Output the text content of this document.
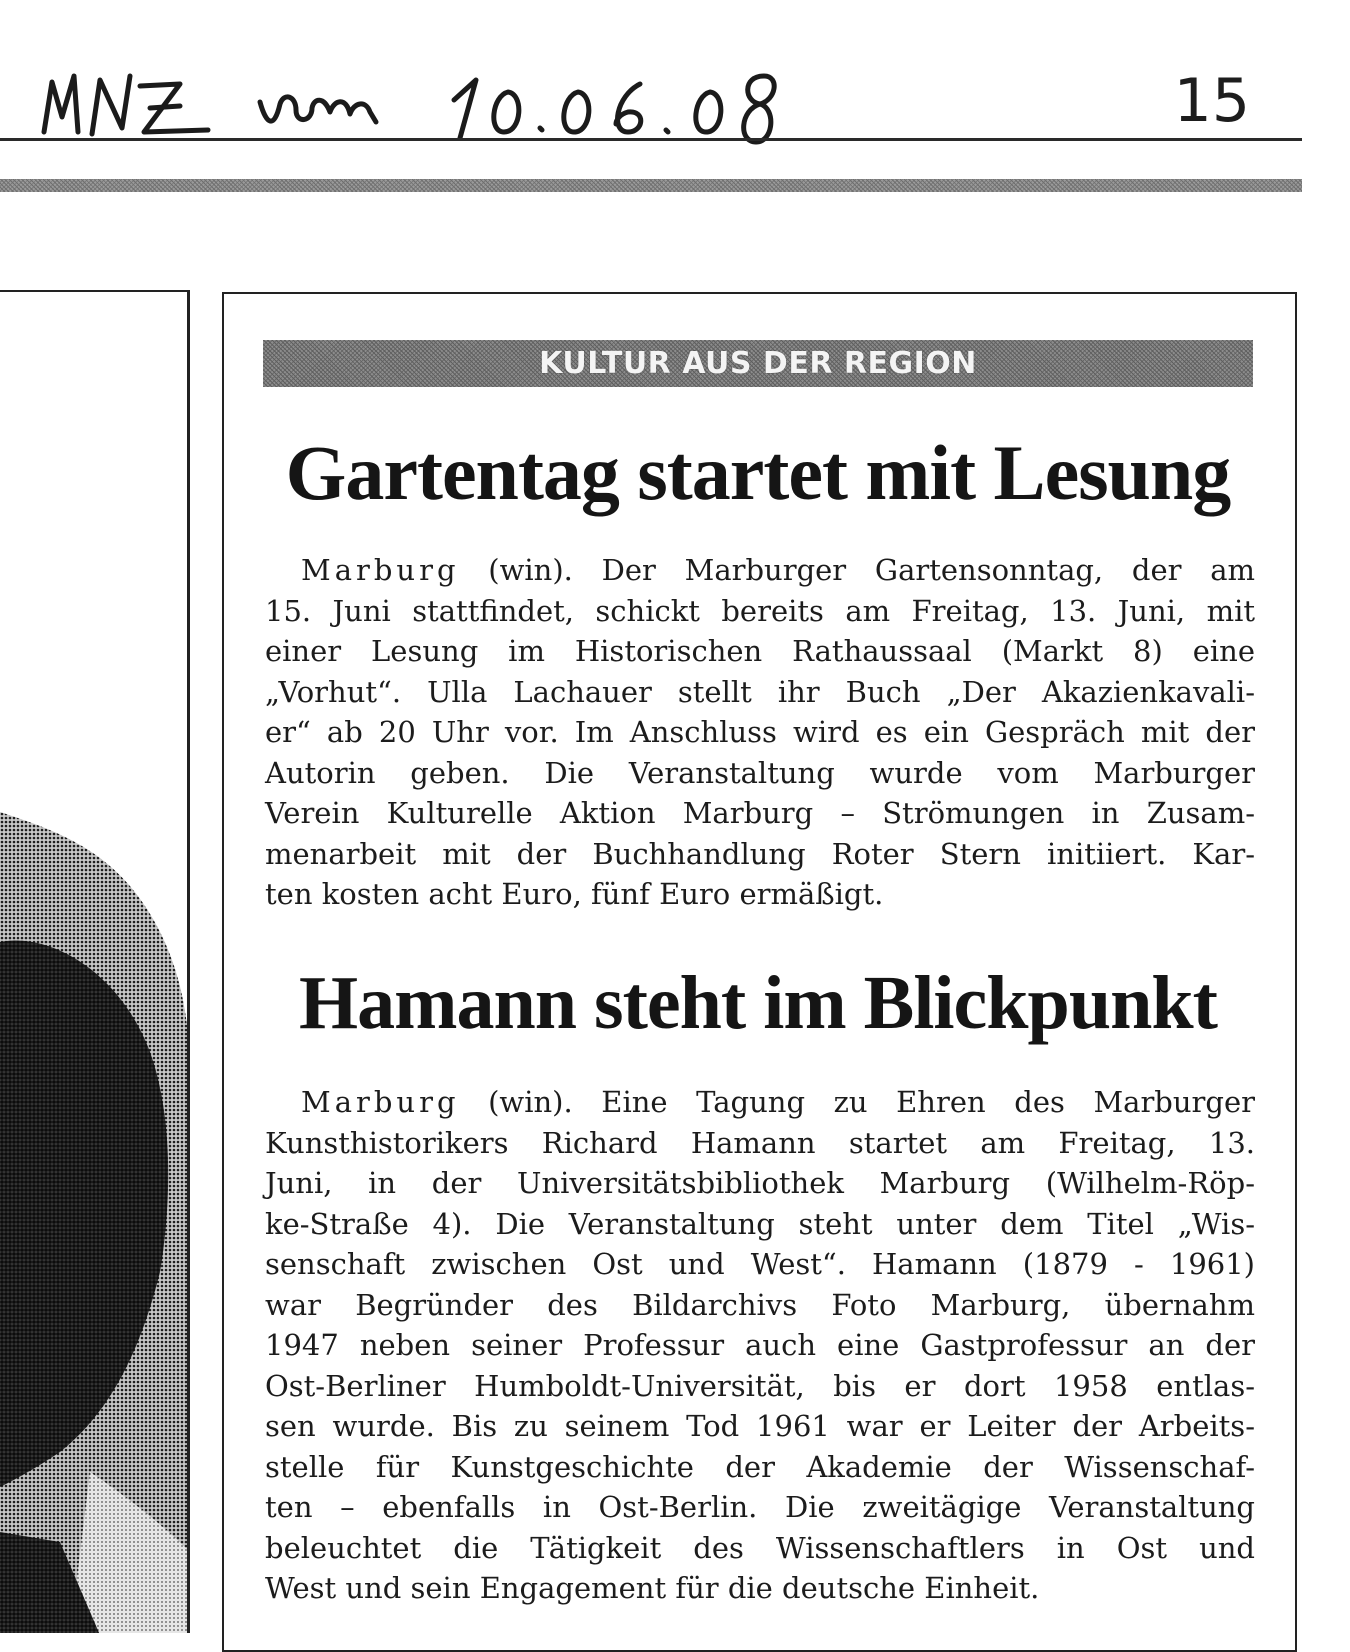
15
KULTUR AUS DER REGION
Gartentag startet mit Lesung
Marburg (win). Der Marburger Gartensonntag, der am
15. Juni stattfindet, schickt bereits am Freitag, 13. Juni, mit
einer Lesung im Historischen Rathaussaal (Markt 8) eine
„Vorhut“. Ulla Lachauer stellt ihr Buch „Der Akazienkavali-
er“ ab 20 Uhr vor. Im Anschluss wird es ein Gespräch mit der
Autorin geben. Die Veranstaltung wurde vom Marburger
Verein Kulturelle Aktion Marburg – Strömungen in Zusam-
menarbeit mit der Buchhandlung Roter Stern initiiert. Kar-
ten kosten acht Euro, fünf Euro ermäßigt.
Hamann steht im Blickpunkt
Marburg (win). Eine Tagung zu Ehren des Marburger
Kunsthistorikers Richard Hamann startet am Freitag, 13.
Juni, in der Universitätsbibliothek Marburg (Wilhelm-Röp-
ke-Straße 4). Die Veranstaltung steht unter dem Titel „Wis-
senschaft zwischen Ost und West“. Hamann (1879 - 1961)
war Begründer des Bildarchivs Foto Marburg, übernahm
1947 neben seiner Professur auch eine Gastprofessur an der
Ost-Berliner Humboldt-Universität, bis er dort 1958 entlas-
sen wurde. Bis zu seinem Tod 1961 war er Leiter der Arbeits-
stelle für Kunstgeschichte der Akademie der Wissenschaf-
ten – ebenfalls in Ost-Berlin. Die zweitägige Veranstaltung
beleuchtet die Tätigkeit des Wissenschaftlers in Ost und
West und sein Engagement für die deutsche Einheit.
